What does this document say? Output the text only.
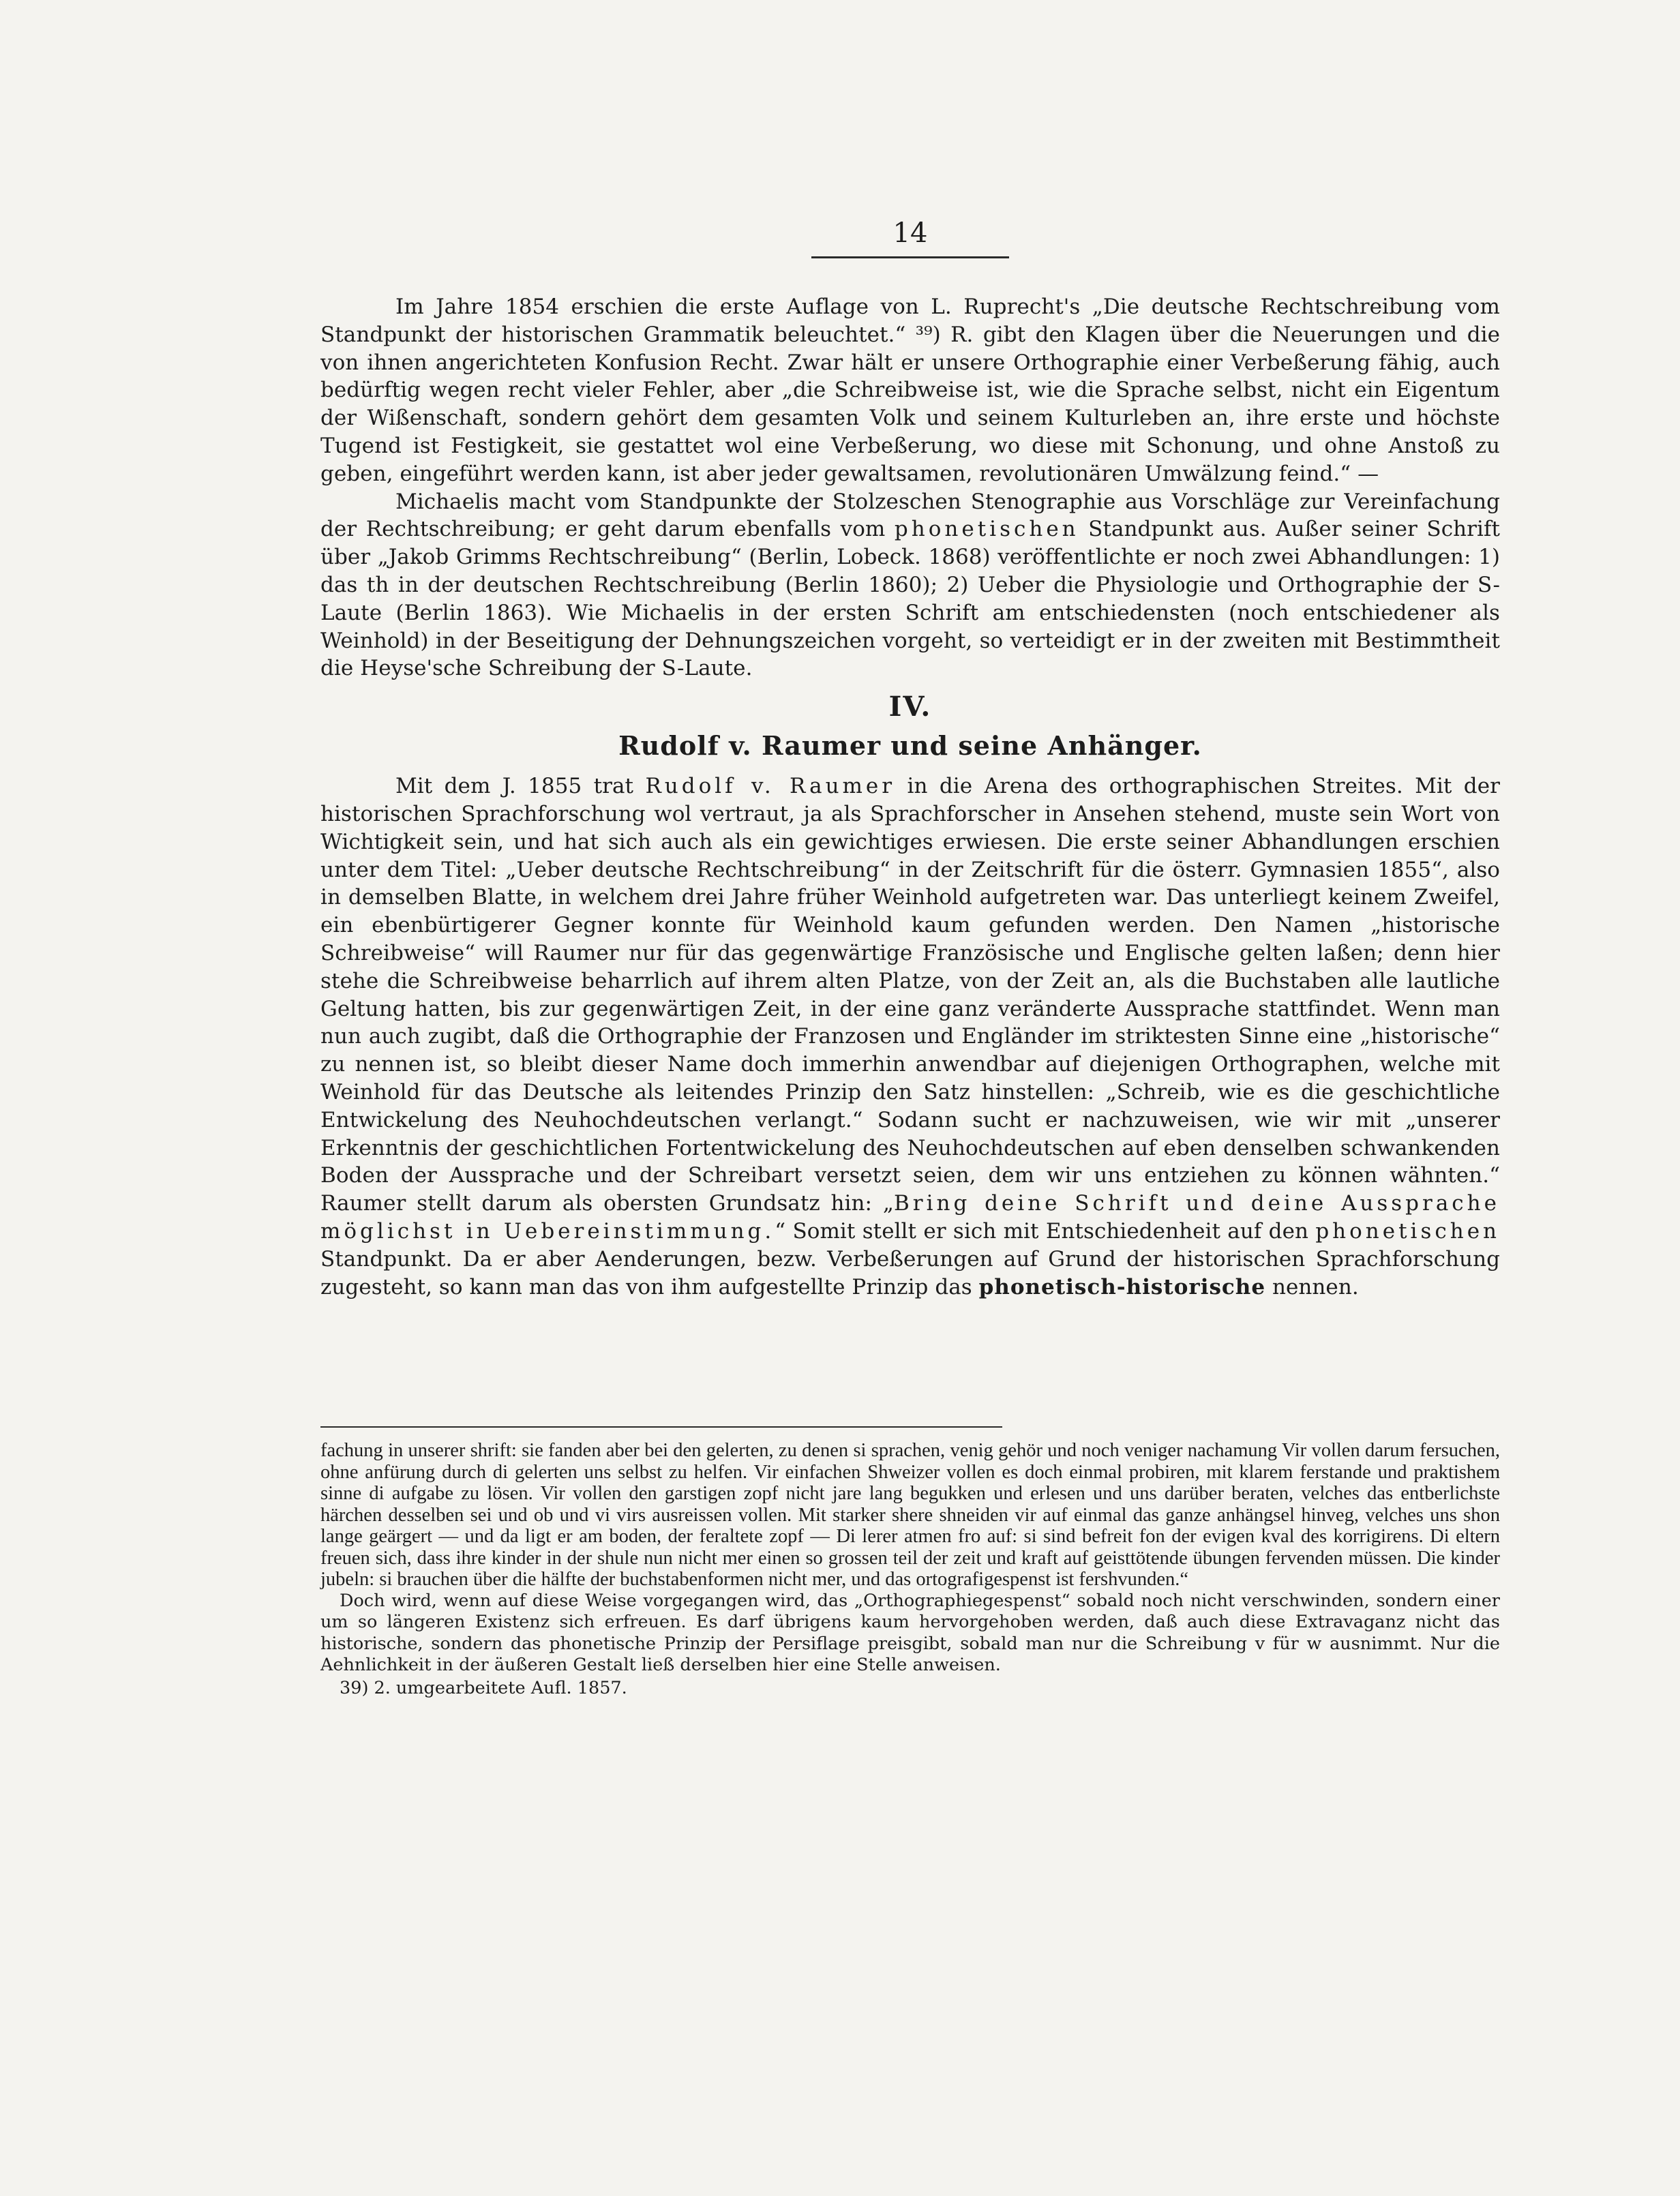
14

Im Jahre 1854 erschien die erste Auflage von L. Ruprecht's „Die deutsche Rechtschreibung vom Standpunkt der historischen Grammatik beleuchtet.“ ³⁹) R. gibt den Klagen über die Neuerungen und die von ihnen angerichteten Konfusion Recht. Zwar hält er unsere Orthographie einer Verbeßerung fähig, auch bedürftig wegen recht vieler Fehler, aber „die Schreibweise ist, wie die Sprache selbst, nicht ein Eigentum der Wißenschaft, sondern gehört dem gesamten Volk und seinem Kulturleben an, ihre erste und höchste Tugend ist Festigkeit, sie gestattet wol eine Verbeßerung, wo diese mit Schonung, und ohne Anstoß zu geben, eingeführt werden kann, ist aber jeder gewaltsamen, revolutionären Umwälzung feind.“ —

Michaelis macht vom Standpunkte der Stolzeschen Stenographie aus Vorschläge zur Vereinfachung der Rechtschreibung; er geht darum ebenfalls vom phonetischen Standpunkt aus. Außer seiner Schrift über „Jakob Grimms Rechtschreibung“ (Berlin, Lobeck. 1868) veröffentlichte er noch zwei Abhandlungen: 1) das th in der deutschen Rechtschreibung (Berlin 1860); 2) Ueber die Physiologie und Orthographie der S-Laute (Berlin 1863). Wie Michaelis in der ersten Schrift am entschiedensten (noch entschiedener als Weinhold) in der Beseitigung der Dehnungszeichen vorgeht, so verteidigt er in der zweiten mit Bestimmtheit die Heyse'sche Schreibung der S-Laute.

IV.
Rudolf v. Raumer und seine Anhänger.

Mit dem J. 1855 trat Rudolf v. Raumer in die Arena des orthographischen Streites. Mit der historischen Sprachforschung wol vertraut, ja als Sprachforscher in Ansehen stehend, muste sein Wort von Wichtigkeit sein, und hat sich auch als ein gewichtiges erwiesen. Die erste seiner Abhandlungen erschien unter dem Titel: „Ueber deutsche Rechtschreibung“ in der Zeitschrift für die österr. Gymnasien 1855“, also in demselben Blatte, in welchem drei Jahre früher Weinhold aufgetreten war. Das unterliegt keinem Zweifel, ein ebenbürtigerer Gegner konnte für Weinhold kaum gefunden werden. Den Namen „historische Schreibweise“ will Raumer nur für das gegenwärtige Französische und Englische gelten laßen; denn hier stehe die Schreibweise beharrlich auf ihrem alten Platze, von der Zeit an, als die Buchstaben alle lautliche Geltung hatten, bis zur gegenwärtigen Zeit, in der eine ganz veränderte Aussprache stattfindet. Wenn man nun auch zugibt, daß die Orthographie der Franzosen und Engländer im striktesten Sinne eine „historische“ zu nennen ist, so bleibt dieser Name doch immerhin anwendbar auf diejenigen Orthographen, welche mit Weinhold für das Deutsche als leitendes Prinzip den Satz hinstellen: „Schreib, wie es die geschichtliche Entwickelung des Neuhochdeutschen verlangt.“ Sodann sucht er nachzuweisen, wie wir mit „unserer Erkenntnis der geschichtlichen Fortentwickelung des Neuhochdeutschen auf eben denselben schwankenden Boden der Aussprache und der Schreibart versetzt seien, dem wir uns entziehen zu können wähnten.“ Raumer stellt darum als obersten Grundsatz hin: „Bring deine Schrift und deine Aussprache möglichst in Uebereinstimmung.“ Somit stellt er sich mit Entschiedenheit auf den phonetischen Standpunkt. Da er aber Aenderungen, bezw. Verbeßerungen auf Grund der historischen Sprachforschung zugesteht, so kann man das von ihm aufgestellte Prinzip das phonetisch-historische nennen.

fachung in unserer shrift: sie fanden aber bei den gelerten, zu denen si sprachen, venig gehör und noch veniger nachamung Vir vollen darum fersuchen, ohne anfürung durch di gelerten uns selbst zu helfen. Vir einfachen Shweizer vollen es doch einmal probiren, mit klarem ferstande und praktishem sinne di aufgabe zu lösen. Vir vollen den garstigen zopf nicht jare lang begukken und erlesen und uns darüber beraten, velches das entberlichste härchen desselben sei und ob und vi virs ausreissen vollen. Mit starker shere shneiden vir auf einmal das ganze anhängsel hinveg, velches uns shon lange geärgert — und da ligt er am boden, der feraltete zopf — Di lerer atmen fro auf: si sind befreit fon der evigen kval des korrigirens. Di eltern freuen sich, dass ihre kinder in der shule nun nicht mer einen so grossen teil der zeit und kraft auf geisttötende übungen fervenden müssen. Die kinder jubeln: si brauchen über die hälfte der buchstabenformen nicht mer, und das ortografigespenst ist fershvunden.“

Doch wird, wenn auf diese Weise vorgegangen wird, das „Orthographiegespenst“ sobald noch nicht verschwinden, sondern einer um so längeren Existenz sich erfreuen. Es darf übrigens kaum hervorgehoben werden, daß auch diese Extravaganz nicht das historische, sondern das phonetische Prinzip der Persiflage preisgibt, sobald man nur die Schreibung v für w ausnimmt. Nur die Aehnlichkeit in der äußeren Gestalt ließ derselben hier eine Stelle anweisen.

39) 2. umgearbeitete Aufl. 1857.
